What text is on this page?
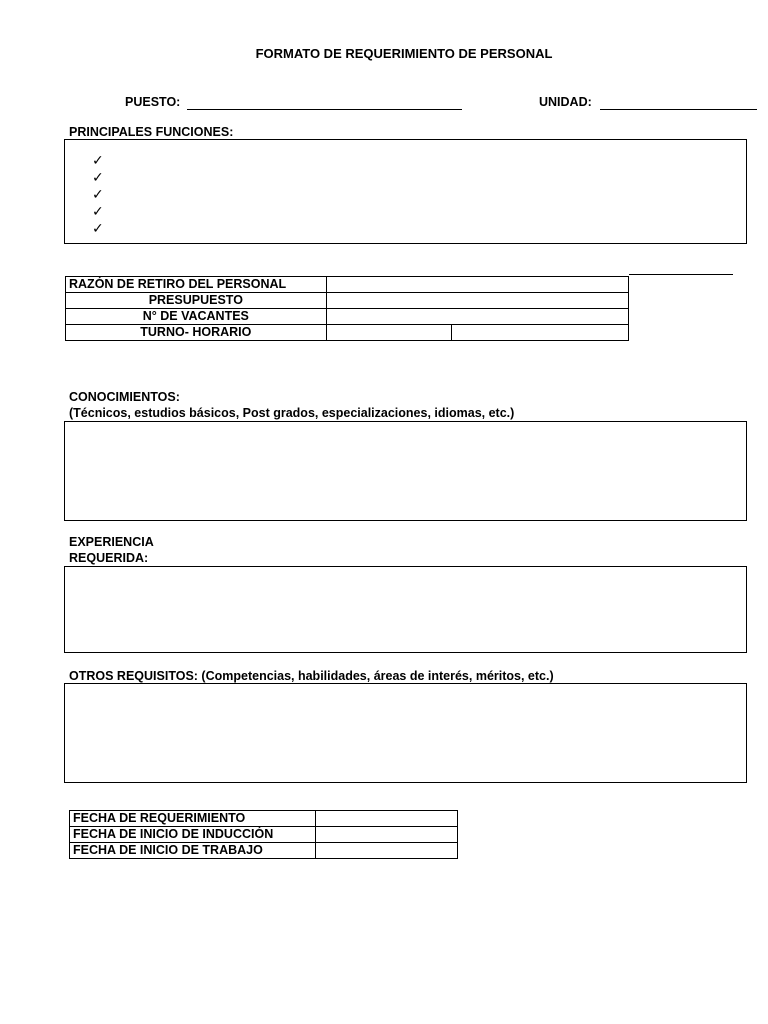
FORMATO DE REQUERIMIENTO DE PERSONAL
PUESTO:	UNIDAD:
PRINCIPALES FUNCIONES:
✓
✓
✓
✓
✓
RAZÓN DE RETIRO DEL PERSONAL		
PRESUPUESTO		
N° DE VACANTES		
TURNO- HORARIO		
CONOCIMIENTOS:
(Técnicos, estudios básicos, Post grados, especializaciones, idiomas, etc.)
EXPERIENCIA
REQUERIDA:
OTROS REQUISITOS: (Competencias, habilidades, áreas de interés, méritos, etc.)
FECHA DE REQUERIMIENTO	
FECHA DE INICIO DE INDUCCIÓN	
FECHA DE INICIO DE TRABAJO	
